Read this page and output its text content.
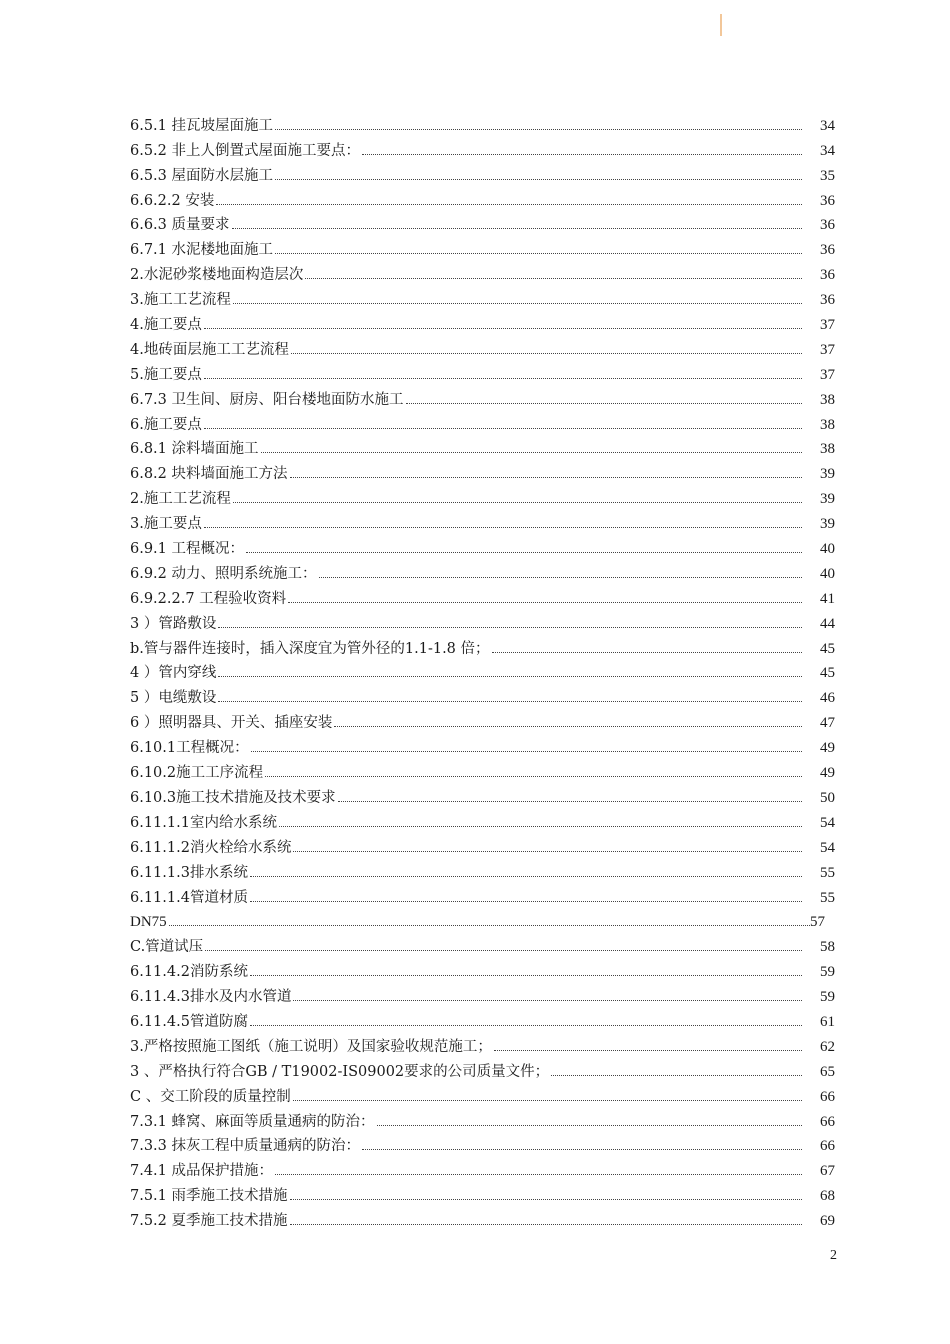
6.5.1 挂瓦坡屋面施工	34
6.5.2 非上人倒置式屋面施工要点：	34
6.5.3 屋面防水层施工	35
6.6.2.2 安装	36
6.6.3 质量要求	36
6.7.1 水泥楼地面施工	36
2.水泥砂浆楼地面构造层次	36
3.施工工艺流程	36
4.施工要点	37
4.地砖面层施工工艺流程	37
5.施工要点	37
6.7.3 卫生间、厨房、阳台楼地面防水施工	38
6.施工要点	38
6.8.1 涂料墙面施工	38
6.8.2 块料墙面施工方法	39
2.施工工艺流程	39
3.施工要点	39
6.9.1 工程概况：	40
6.9.2 动力、照明系统施工：	40
6.9.2.2.7 工程验收资料	41
3 ）管路敷设	44
b.管与器件连接时，插入深度宜为管外径的1.1-1.8 倍；	45
4 ）管内穿线	45
5 ）电缆敷设	46
6 ）照明器具、开关、插座安装	47
6.10.1工程概况：	49
6.10.2施工工序流程	49
6.10.3施工技术措施及技术要求	50
6.11.1.1室内给水系统	54
6.11.1.2消火栓给水系统	54
6.11.1.3排水系统	55
6.11.1.4管道材质	55
DN75	57
C.管道试压	58
6.11.4.2消防系统	59
6.11.4.3排水及内水管道	59
6.11.4.5管道防腐	61
3.严格按照施工图纸（施工说明）及国家验收规范施工；	62
3 、严格执行符合GB / T19002-IS09002要求的公司质量文件；	65
C 、交工阶段的质量控制	66
7.3.1 蜂窝、麻面等质量通病的防治：	66
7.3.3 抹灰工程中质量通病的防治：	66
7.4.1 成品保护措施：	67
7.5.1 雨季施工技术措施	68
7.5.2 夏季施工技术措施	69
2
